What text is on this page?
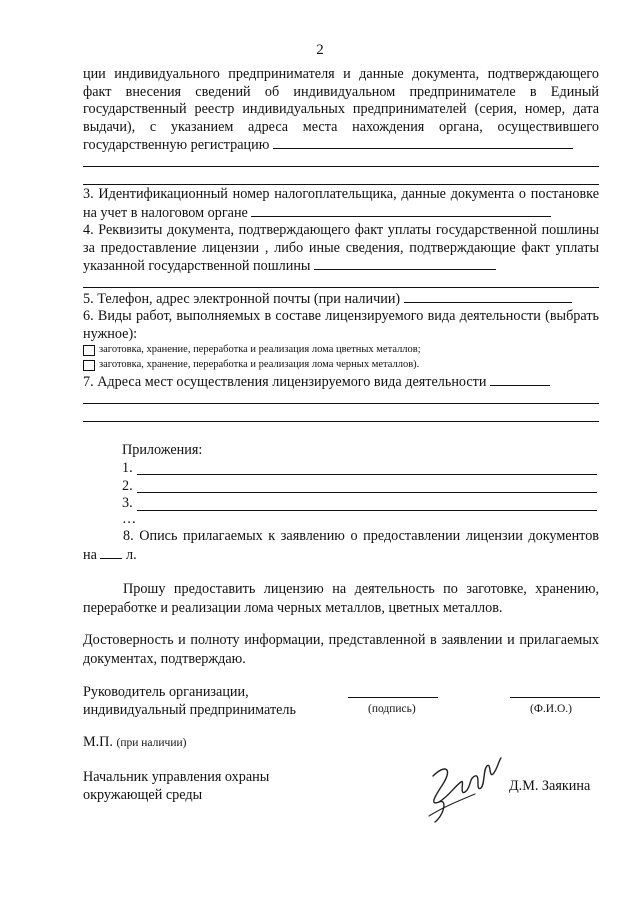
2
ции индивидуального предпринимателя и данные документа, подтверждающего факт внесения сведений об индивидуальном предпринимателе в Единый государственный реестр индивидуальных предпринимателей (серия, номер, дата выдачи), с указанием адреса места нахождения органа, осуществившего государственную регистрацию
3. Идентификационный номер налогоплательщика, данные документа о постановке на учет в налоговом органе
4. Реквизиты документа, подтверждающего факт уплаты государственной пошлины за предоставление лицензии , либо иные сведения, подтверждающие факт уплаты указанной государственной пошлины
5. Телефон, адрес электронной почты (при наличии)
6. Виды работ, выполняемых в составе лицензируемого вида деятельности (выбрать нужное):
заготовка, хранение, переработка и реализация лома цветных металлов;
заготовка, хранение, переработка и реализация лома черных металлов).
7. Адреса мест осуществления лицензируемого вида деятельности
Приложения:
1.
2.
3.
…
8. Опись прилагаемых к заявлению о предоставлении лицензии документов на л.
Прошу предоставить лицензию на деятельность по заготовке, хранению, переработке и реализации лома черных металлов, цветных металлов.
Достоверность и полноту информации, представленной в заявлении и прилагаемых документах, подтверждаю.
Руководитель организации,
индивидуальный предприниматель	(подпись)	(Ф.И.О.)
М.П. (при наличии)
Начальник управления охраны
окружающей среды
Д.М. Заякина
